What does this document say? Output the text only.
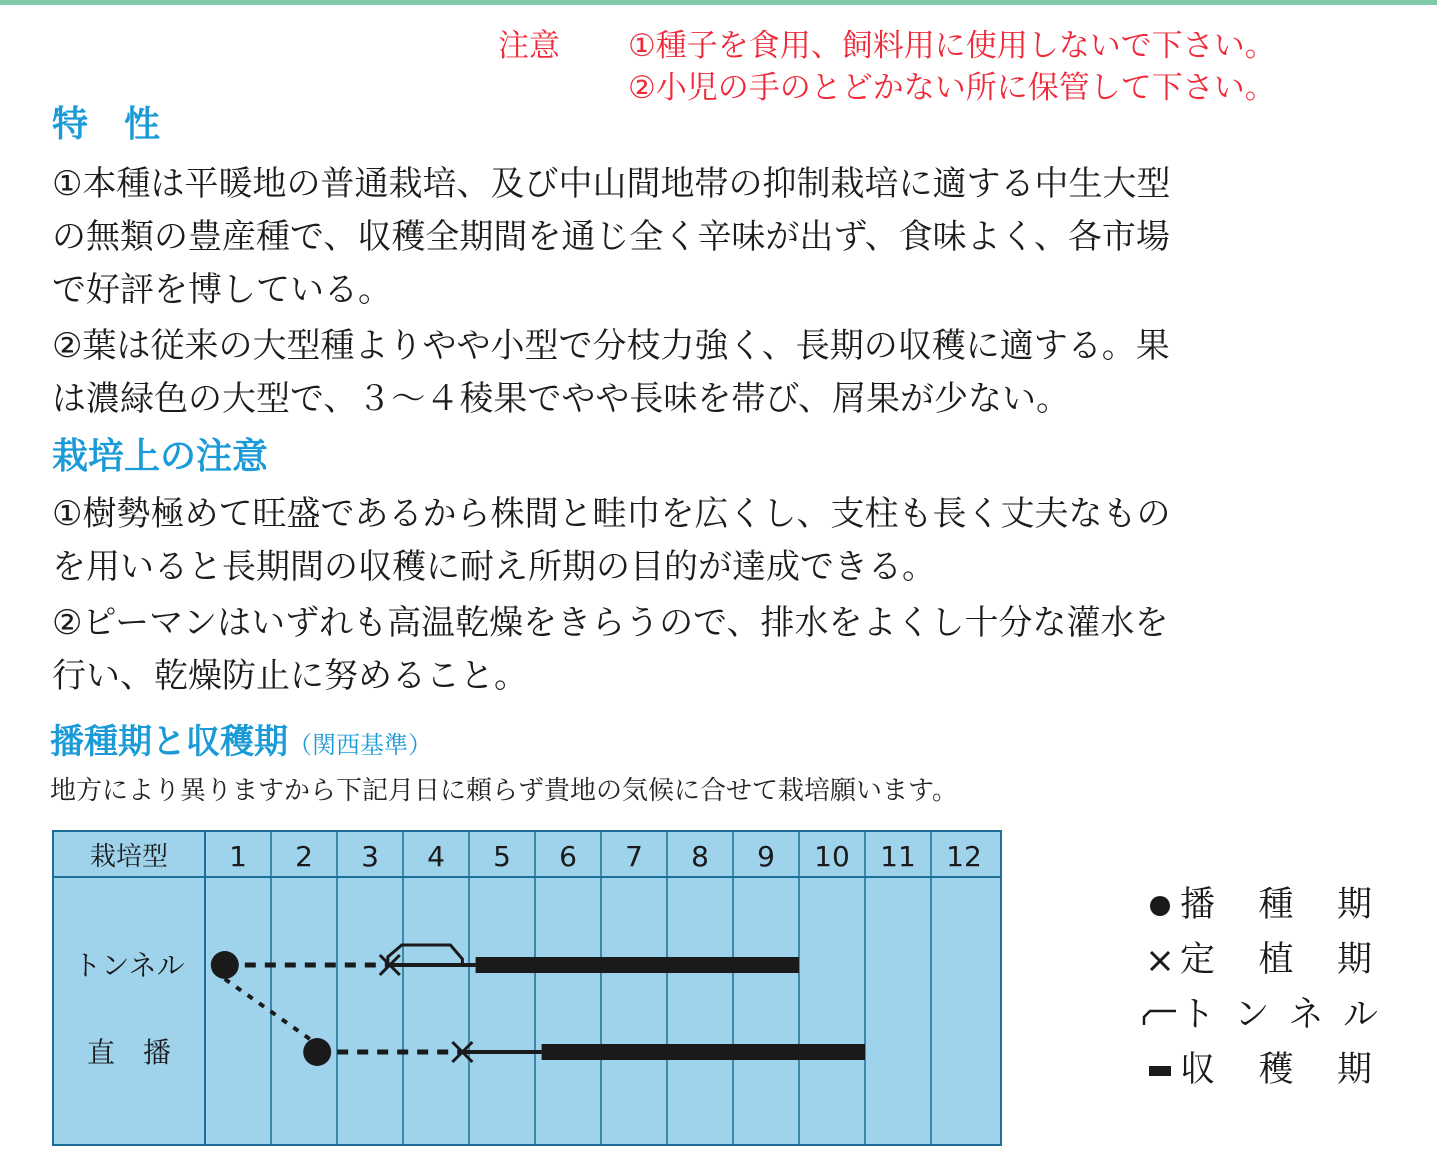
注意 ①種子を食用、飼料用に使用しないで下さい。
②小児の手のとどかない所に保管して下さい。
特　性
①本種は平暖地の普通栽培、及び中山間地帯の抑制栽培に適する中生大型
の無類の豊産種で、収穫全期間を通じ全く辛味が出ず、食味よく、各市場
で好評を博している。
②葉は従来の大型種よりやや小型で分枝力強く、長期の収穫に適する。果
は濃緑色の大型で、３〜４稜果でやや長味を帯び、屑果が少ない。
栽培上の注意
①樹勢極めて旺盛であるから株間と畦巾を広くし、支柱も長く丈夫なもの
を用いると長期間の収穫に耐え所期の目的が達成できる。
②ピーマンはいずれも高温乾燥をきらうので、排水をよくし十分な灌水を
行い、乾燥防止に努めること。
播種期と収穫期（関西基準）
地方により異りますから下記月日に頼らず貴地の気候に合せて栽培願います。
栽培型 1 2 3 4 5 6 7 8 9 10 11 12
トンネル
直　播
播 種 期
定 植 期
ト ン ネ ル
収 穫 期
